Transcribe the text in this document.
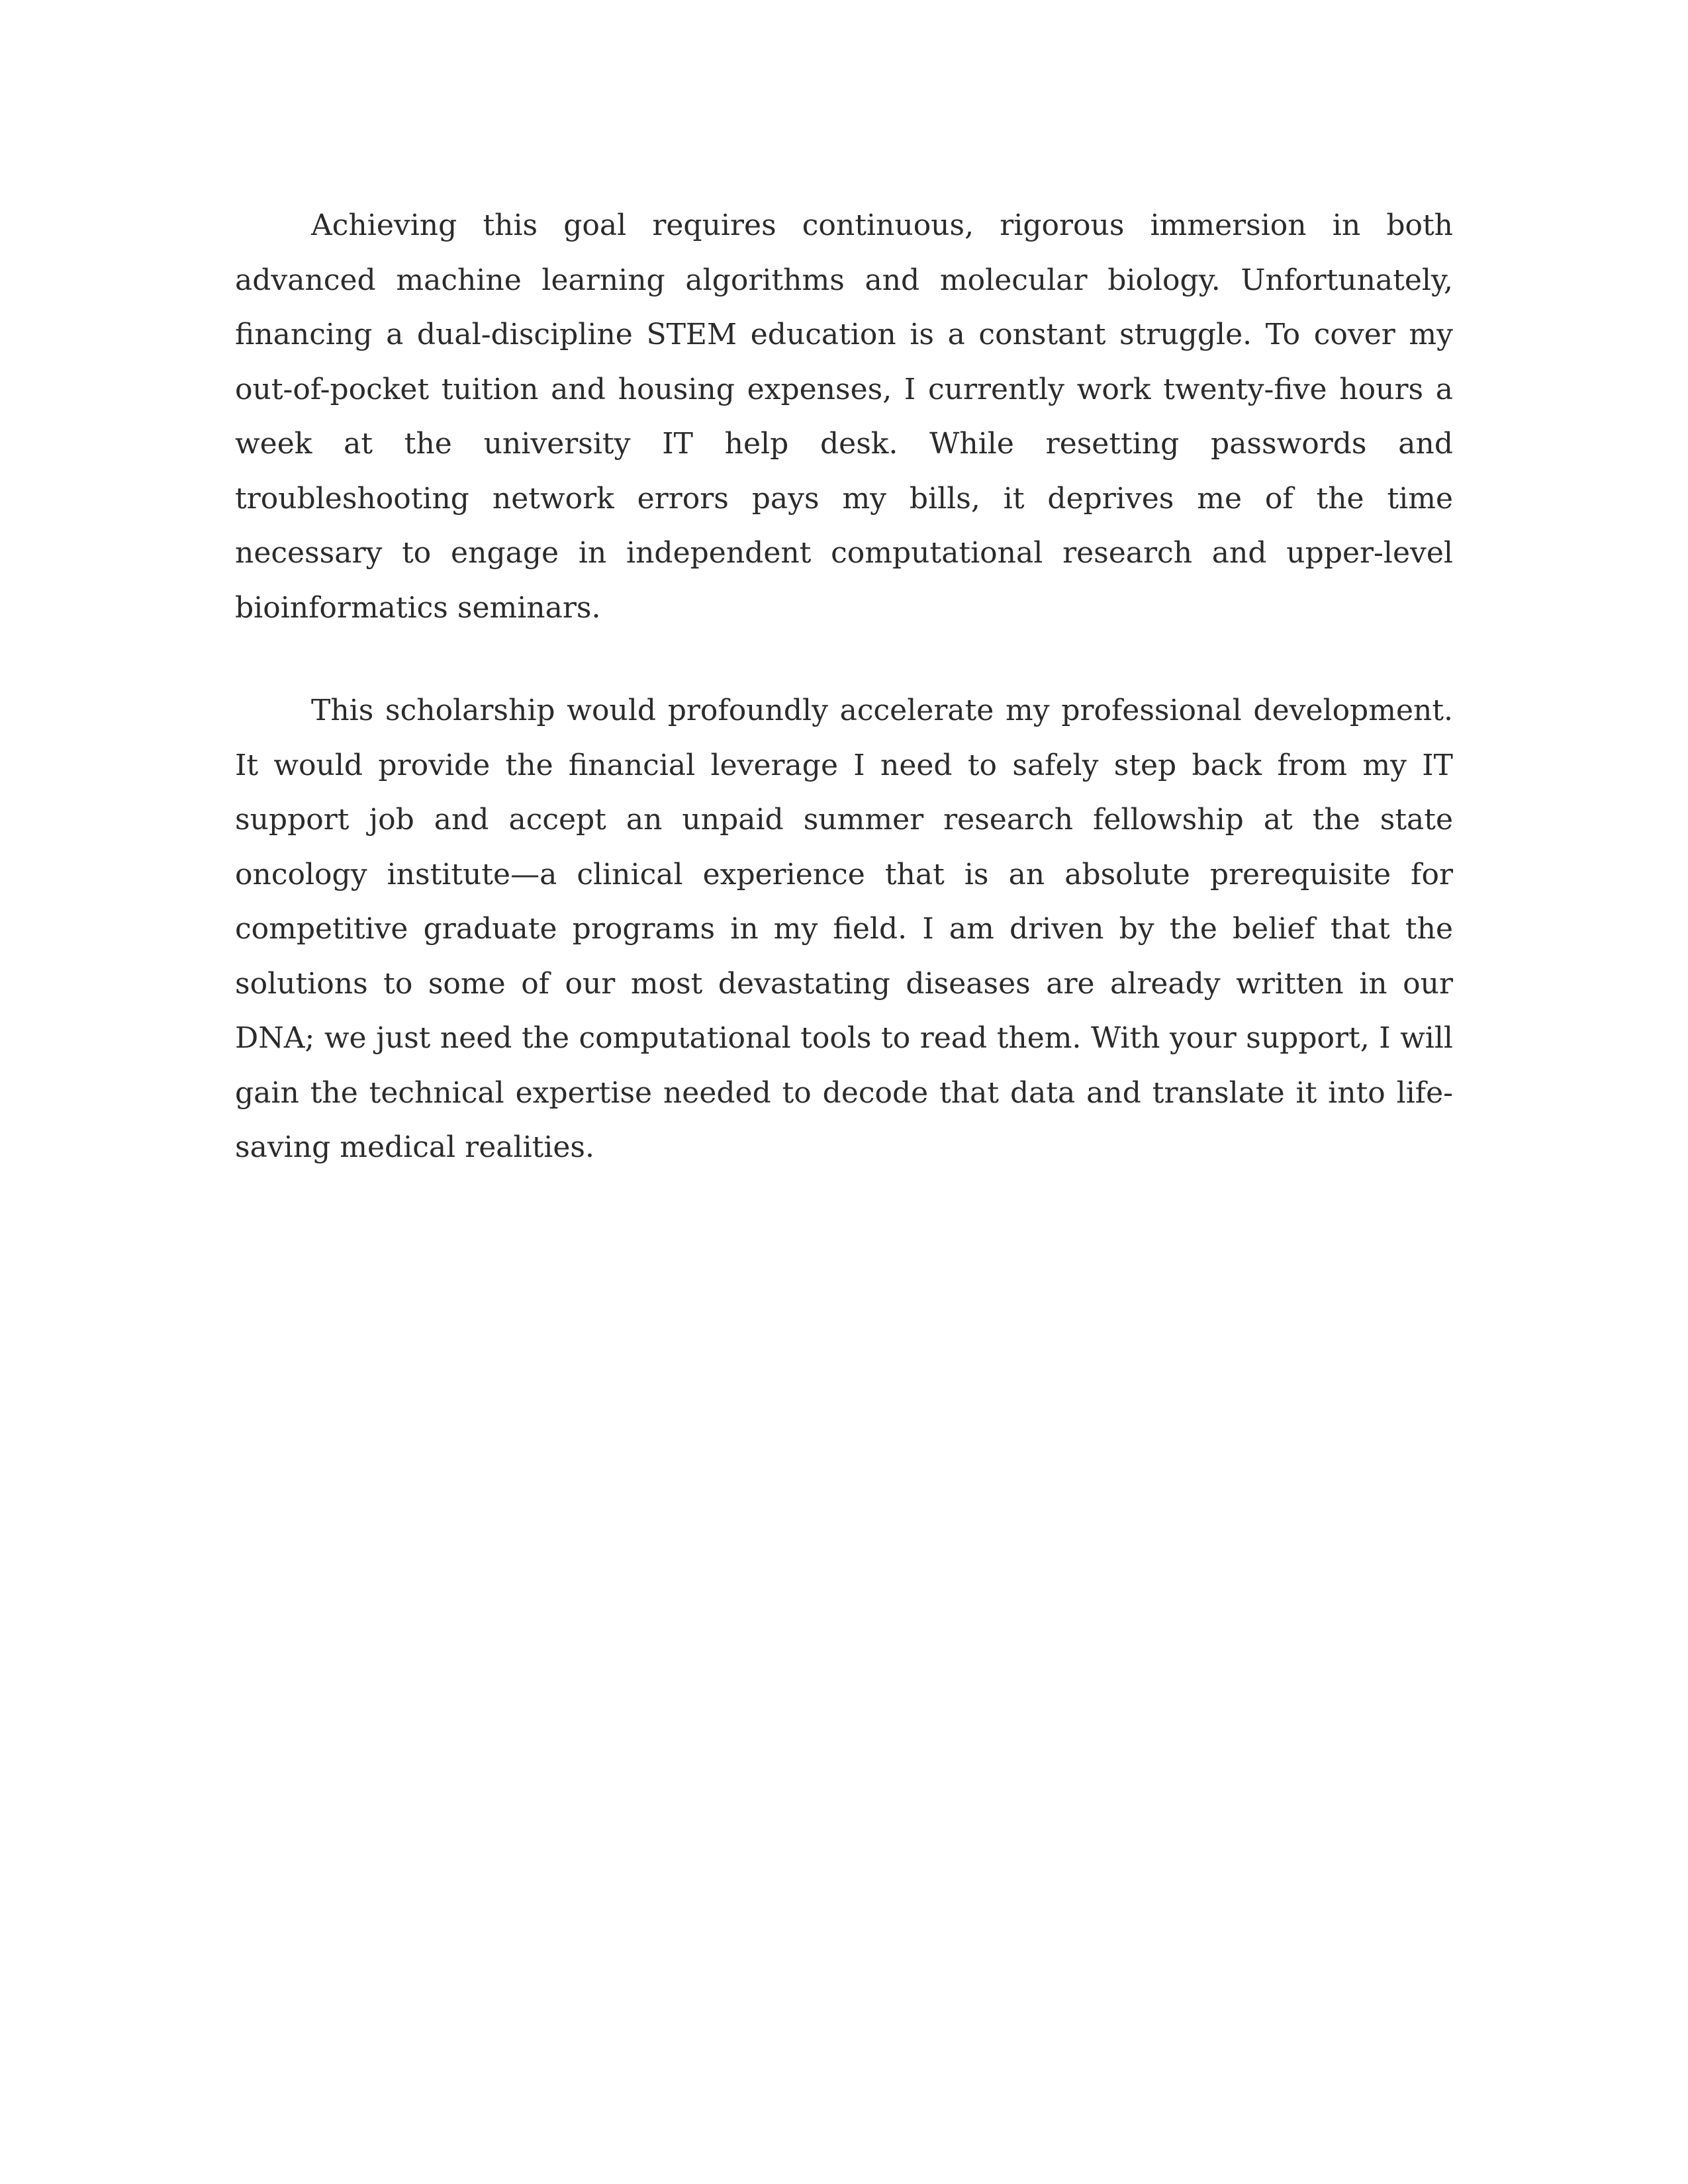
Achieving this goal requires continuous, rigorous immersion in both advanced machine learning algorithms and molecular biology. Unfortunately, financing a dual-discipline STEM education is a constant struggle. To cover my out-of-pocket tuition and housing expenses, I currently work twenty-five hours a week at the university IT help desk. While resetting passwords and troubleshooting network errors pays my bills, it deprives me of the time necessary to engage in independent computational research and upper-level bioinformatics seminars.

This scholarship would profoundly accelerate my professional development. It would provide the financial leverage I need to safely step back from my IT support job and accept an unpaid summer research fellowship at the state oncology institute—a clinical experience that is an absolute prerequisite for competitive graduate programs in my field. I am driven by the belief that the solutions to some of our most devastating diseases are already written in our DNA; we just need the computational tools to read them. With your support, I will gain the technical expertise needed to decode that data and translate it into life-saving medical realities.
